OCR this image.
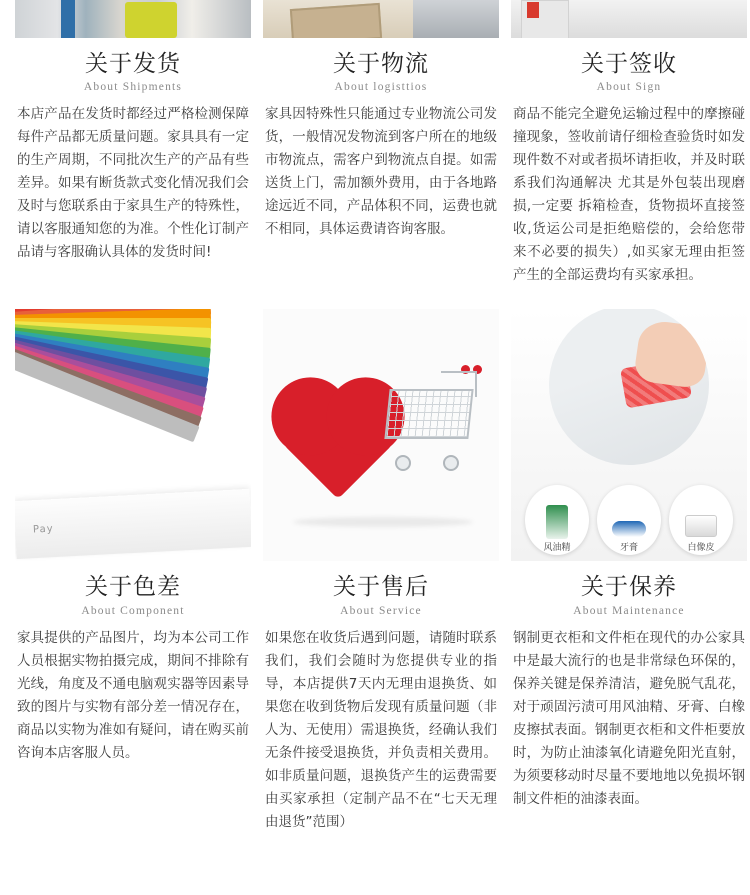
关于发货
About Shipments
本店产品在发货时都经过严格检测保障每件产品都无质量问题。家具具有一定的生产周期，不同批次生产的产品有些差异。如果有断货款式变化情况我们会及时与您联系由于家具生产的特殊性，请以客服通知您的为准。个性化订制产品请与客服确认具体的发货时间!
关于物流
About logisttios
家具因特殊性只能通过专业物流公司发货，一般情况发物流到客户所在的地级市物流点，需客户到物流点自提。如需送货上门，需加额外费用，由于各地路途远近不同，产品体积不同，运费也就不相同，具体运费请咨询客服。
关于签收
About Sign
商品不能完全避免运输过程中的摩擦碰撞现象，签收前请仔细检查验货时如发现件数不对或者损坏请拒收，并及时联系我们沟通解决 尤其是外包装出现磨损,一定要 拆箱检查，货物损坏直接签收,货运公司是拒绝赔偿的，会给您带来不必要的损失）,如买家无理由拒签产生的全部运费均有买家承担。
Pay
关于色差
About Component
家具提供的产品图片，均为本公司工作人员根据实物拍摄完成，期间不排除有光线，角度及不通电脑观实器等因素导致的图片与实物有部分差一情况存在，商品以实物为准如有疑问，请在购买前咨询本店客服人员。
关于售后
About Service
如果您在收货后遇到问题，请随时联系我们，我们会随时为您提供专业的指导，本店提供7天内无理由退换货、如果您在收到货物后发现有质量问题（非人为、无使用）需退换货，经确认我们无条件接受退换货，并负责相关费用。如非质量问题，退换货产生的运费需要由买家承担（定制产品不在“七天无理由退货”范围）
风油精	牙膏	白像皮
关于保养
About Maintenance
钢制更衣柜和文件柜在现代的办公家具中是最大流行的也是非常绿色环保的，保养关键是保养清洁，避免脱气乱花，对于顽固污渍可用风油精、牙膏、白橡皮擦拭表面。钢制更衣柜和文件柜要放时，为防止油漆氧化请避免阳光直射，为须要移动时尽量不要地地以免损坏钢制文件柜的油漆表面。
